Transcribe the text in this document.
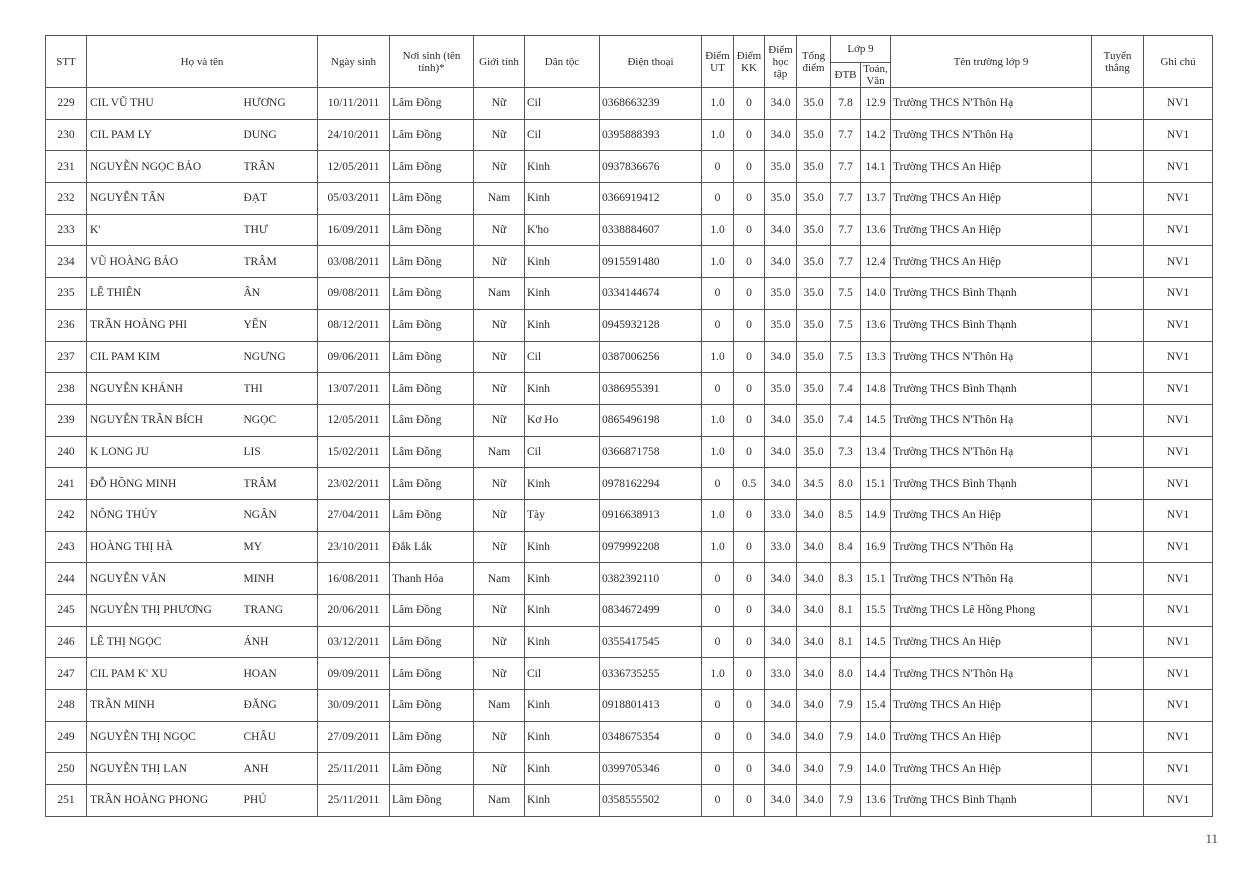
STT	Họ và tên		Ngày sinh	Nơi sinh (tên tỉnh)*	Giới tính	Dân tộc	Điện thoại	Điểm UT	Điểm KK	Điểm học tập	Tổng điểm	Lớp 9		Tên trường lớp 9	Tuyển thẳng	Ghi chú
												ĐTB	Toán, Văn			
229	CIL VŨ THU	HƯƠNG	10/11/2011	Lâm Đồng	Nữ	Cil	0368663239	1.0	0	34.0	35.0	7.8	12.9	Trường THCS N'Thôn Hạ		NV1
230	CIL PAM LY	DUNG	24/10/2011	Lâm Đồng	Nữ	Cil	0395888393	1.0	0	34.0	35.0	7.7	14.2	Trường THCS N'Thôn Hạ		NV1
231	NGUYỄN NGỌC BẢO	TRÂN	12/05/2011	Lâm Đồng	Nữ	Kinh	0937836676	0	0	35.0	35.0	7.7	14.1	Trường THCS An Hiệp		NV1
232	NGUYỄN TẤN	ĐẠT	05/03/2011	Lâm Đồng	Nam	Kinh	0366919412	0	0	35.0	35.0	7.7	13.7	Trường THCS An Hiệp		NV1
233	K'	THƯ	16/09/2011	Lâm Đồng	Nữ	K'ho	0338884607	1.0	0	34.0	35.0	7.7	13.6	Trường THCS An Hiệp		NV1
234	VŨ HOÀNG BẢO	TRÂM	03/08/2011	Lâm Đồng	Nữ	Kinh	0915591480	1.0	0	34.0	35.0	7.7	12.4	Trường THCS An Hiệp		NV1
235	LÊ THIÊN	ÂN	09/08/2011	Lâm Đồng	Nam	Kinh	0334144674	0	0	35.0	35.0	7.5	14.0	Trường THCS Bình Thạnh		NV1
236	TRẦN HOÀNG PHI	YẾN	08/12/2011	Lâm Đồng	Nữ	Kinh	0945932128	0	0	35.0	35.0	7.5	13.6	Trường THCS Bình Thạnh		NV1
237	CIL PAM KIM	NGƯNG	09/06/2011	Lâm Đồng	Nữ	Cil	0387006256	1.0	0	34.0	35.0	7.5	13.3	Trường THCS N'Thôn Hạ		NV1
238	NGUYỄN KHÁNH	THI	13/07/2011	Lâm Đồng	Nữ	Kinh	0386955391	0	0	35.0	35.0	7.4	14.8	Trường THCS Bình Thạnh		NV1
239	NGUYỄN TRẦN BÍCH	NGỌC	12/05/2011	Lâm Đồng	Nữ	Kơ Ho	0865496198	1.0	0	34.0	35.0	7.4	14.5	Trường THCS N'Thôn Hạ		NV1
240	K LONG JU	LIS	15/02/2011	Lâm Đồng	Nam	Cil	0366871758	1.0	0	34.0	35.0	7.3	13.4	Trường THCS N'Thôn Hạ		NV1
241	ĐỖ HỒNG MINH	TRÂM	23/02/2011	Lâm Đồng	Nữ	Kinh	0978162294	0	0.5	34.0	34.5	8.0	15.1	Trường THCS Bình Thạnh		NV1
242	NÔNG THÚY	NGÂN	27/04/2011	Lâm Đồng	Nữ	Tày	0916638913	1.0	0	33.0	34.0	8.5	14.9	Trường THCS An Hiệp		NV1
243	HOÀNG THỊ HÀ	MY	23/10/2011	Đắk Lắk	Nữ	Kinh	0979992208	1.0	0	33.0	34.0	8.4	16.9	Trường THCS N'Thôn Hạ		NV1
244	NGUYỄN VĂN	MINH	16/08/2011	Thanh Hóa	Nam	Kinh	0382392110	0	0	34.0	34.0	8.3	15.1	Trường THCS N'Thôn Hạ		NV1
245	NGUYỄN THỊ PHƯƠNG	TRANG	20/06/2011	Lâm Đồng	Nữ	Kinh	0834672499	0	0	34.0	34.0	8.1	15.5	Trường THCS Lê Hồng Phong		NV1
246	LÊ THỊ NGỌC	ÁNH	03/12/2011	Lâm Đồng	Nữ	Kinh	0355417545	0	0	34.0	34.0	8.1	14.5	Trường THCS An Hiệp		NV1
247	CIL PAM K' XU	HOAN	09/09/2011	Lâm Đồng	Nữ	Cil	0336735255	1.0	0	33.0	34.0	8.0	14.4	Trường THCS N'Thôn Hạ		NV1
248	TRẦN MINH	ĐĂNG	30/09/2011	Lâm Đồng	Nam	Kinh	0918801413	0	0	34.0	34.0	7.9	15.4	Trường THCS An Hiệp		NV1
249	NGUYỄN THỊ NGỌC	CHÂU	27/09/2011	Lâm Đồng	Nữ	Kinh	0348675354	0	0	34.0	34.0	7.9	14.0	Trường THCS An Hiệp		NV1
250	NGUYỄN THỊ LAN	ANH	25/11/2011	Lâm Đồng	Nữ	Kinh	0399705346	0	0	34.0	34.0	7.9	14.0	Trường THCS An Hiệp		NV1
251	TRẦN HOÀNG PHONG	PHÚ	25/11/2011	Lâm Đồng	Nam	Kinh	0358555502	0	0	34.0	34.0	7.9	13.6	Trường THCS Bình Thạnh		NV1
11
